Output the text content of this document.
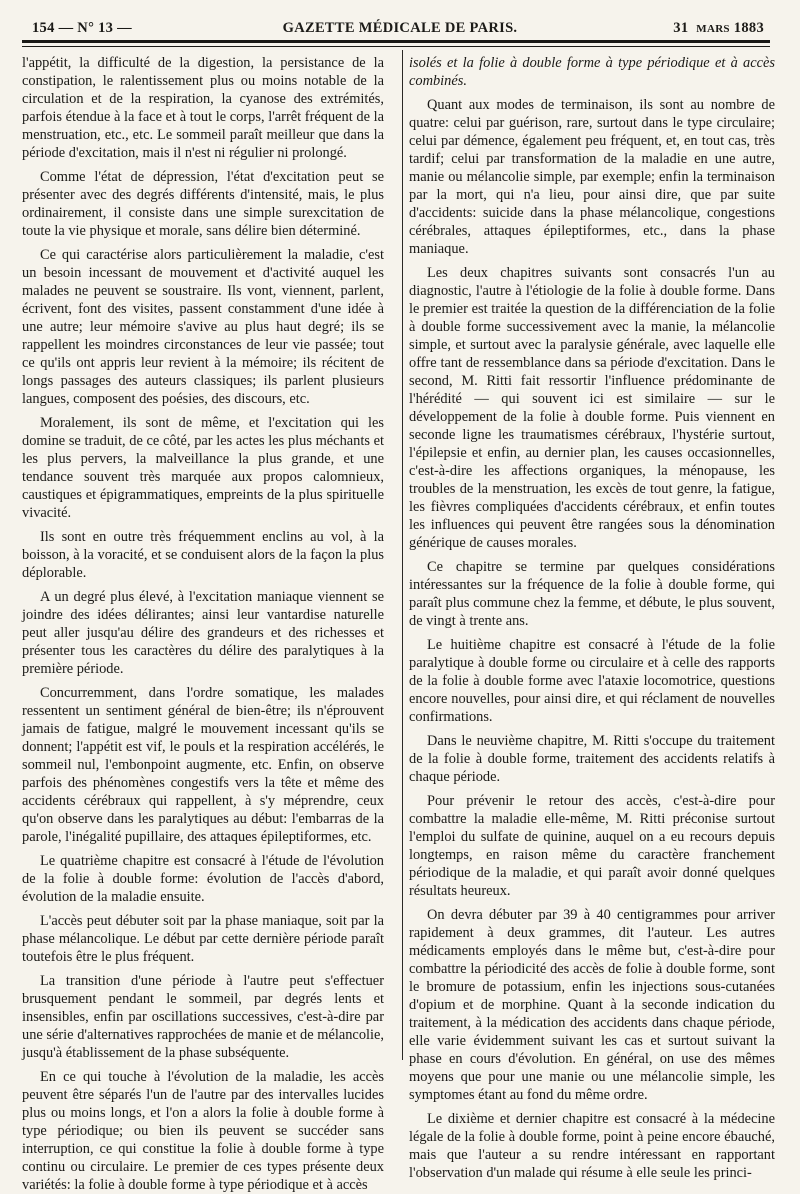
154 — N° 13 —	GAZETTE MÉDICALE DE PARIS.	31 MARS 1883

l'appétit, la difficulté de la digestion, la persistance de la constipation, le ralentissement plus ou moins notable de la circulation et de la respiration, la cyanose des extrémités, parfois étendue à la face et à tout le corps, l'arrêt fréquent de la menstruation, etc., etc. Le sommeil paraît meilleur que dans la période d'excitation, mais il n'est ni régulier ni prolongé.

Comme l'état de dépression, l'état d'excitation peut se présenter avec des degrés différents d'intensité, mais, le plus ordinairement, il consiste dans une simple surexcitation de toute la vie physique et morale, sans délire bien déterminé.

Ce qui caractérise alors particulièrement la maladie, c'est un besoin incessant de mouvement et d'activité auquel les malades ne peuvent se soustraire. Ils vont, viennent, parlent, écrivent, font des visites, passent constamment d'une idée à une autre; leur mémoire s'avive au plus haut degré; ils se rappellent les moindres circonstances de leur vie passée; tout ce qu'ils ont appris leur revient à la mémoire; ils récitent de longs passages des auteurs classiques; ils parlent plusieurs langues, composent des poésies, des discours, etc.

Moralement, ils sont de même, et l'excitation qui les domine se traduit, de ce côté, par les actes les plus méchants et les plus pervers, la malveillance la plus grande, et une tendance souvent très marquée aux propos calomnieux, caustiques et épigrammatiques, empreints de la plus spirituelle vivacité.

Ils sont en outre très fréquemment enclins au vol, à la boisson, à la voracité, et se conduisent alors de la façon la plus déplorable.

A un degré plus élevé, à l'excitation maniaque viennent se joindre des idées délirantes; ainsi leur vantardise naturelle peut aller jusqu'au délire des grandeurs et des richesses et présenter tous les caractères du délire des paralytiques à la première période.

Concurremment, dans l'ordre somatique, les malades ressentent un sentiment général de bien-être; ils n'éprouvent jamais de fatigue, malgré le mouvement incessant qu'ils se donnent; l'appétit est vif, le pouls et la respiration accélérés, le sommeil nul, l'embonpoint augmente, etc. Enfin, on observe parfois des phénomènes congestifs vers la tête et même des accidents cérébraux qui rappellent, à s'y méprendre, ceux qu'on observe dans les paralytiques au début: l'embarras de la parole, l'inégalité pupillaire, des attaques épileptiformes, etc.

Le quatrième chapitre est consacré à l'étude de l'évolution de la folie à double forme: évolution de l'accès d'abord, évolution de la maladie ensuite.

L'accès peut débuter soit par la phase maniaque, soit par la phase mélancolique. Le début par cette dernière période paraît toutefois être le plus fréquent.

La transition d'une période à l'autre peut s'effectuer brusquement pendant le sommeil, par degrés lents et insensibles, enfin par oscillations successives, c'est-à-dire par une série d'alternatives rapprochées de manie et de mélancolie, jusqu'à établissement de la phase subséquente.

En ce qui touche à l'évolution de la maladie, les accès peuvent être séparés l'un de l'autre par des intervalles lucides plus ou moins longs, et l'on a alors la folie à double forme à type périodique; ou bien ils peuvent se succéder sans interruption, ce qui constitue la folie à double forme à type continu ou circulaire. Le premier de ces types présente deux variétés: la folie à double forme à type périodique et à accès

isolés et la folie à double forme à type périodique et à accès combinés.

Quant aux modes de terminaison, ils sont au nombre de quatre: celui par guérison, rare, surtout dans le type circulaire; celui par démence, également peu fréquent, et, en tout cas, très tardif; celui par transformation de la maladie en une autre, manie ou mélancolie simple, par exemple; enfin la terminaison par la mort, qui n'a lieu, pour ainsi dire, que par suite d'accidents: suicide dans la phase mélancolique, congestions cérébrales, attaques épileptiformes, etc., dans la phase maniaque.

Les deux chapitres suivants sont consacrés l'un au diagnostic, l'autre à l'étiologie de la folie à double forme. Dans le premier est traitée la question de la différenciation de la folie à double forme successivement avec la manie, la mélancolie simple, et surtout avec la paralysie générale, avec laquelle elle offre tant de ressemblance dans sa période d'excitation. Dans le second, M. Ritti fait ressortir l'influence prédominante de l'hérédité — qui souvent ici est similaire — sur le développement de la folie à double forme. Puis viennent en seconde ligne les traumatismes cérébraux, l'hystérie surtout, l'épilepsie et enfin, au dernier plan, les causes occasionnelles, c'est-à-dire les affections organiques, la ménopause, les troubles de la menstruation, les excès de tout genre, la fatigue, les fièvres compliquées d'accidents cérébraux, et enfin toutes les influences qui peuvent être rangées sous la dénomination générique de causes morales.

Ce chapitre se termine par quelques considérations intéressantes sur la fréquence de la folie à double forme, qui paraît plus commune chez la femme, et débute, le plus souvent, de vingt à trente ans.

Le huitième chapitre est consacré à l'étude de la folie paralytique à double forme ou circulaire et à celle des rapports de la folie à double forme avec l'ataxie locomotrice, questions encore nouvelles, pour ainsi dire, et qui réclament de nouvelles confirmations.

Dans le neuvième chapitre, M. Ritti s'occupe du traitement de la folie à double forme, traitement des accidents relatifs à chaque période.

Pour prévenir le retour des accès, c'est-à-dire pour combattre la maladie elle-même, M. Ritti préconise surtout l'emploi du sulfate de quinine, auquel on a eu recours depuis longtemps, en raison même du caractère franchement périodique de la maladie, et qui paraît avoir donné quelques résultats heureux.

On devra débuter par 39 à 40 centigrammes pour arriver rapidement à deux grammes, dit l'auteur. Les autres médicaments employés dans le même but, c'est-à-dire pour combattre la périodicité des accès de folie à double forme, sont le bromure de potassium, enfin les injections sous-cutanées d'opium et de morphine. Quant à la seconde indication du traitement, à la médication des accidents dans chaque période, elle varie évidemment suivant les cas et surtout suivant la phase en cours d'évolution. En général, on use des mêmes moyens que pour une manie ou une mélancolie simple, les symptomes étant au fond du même ordre.

Le dixième et dernier chapitre est consacré à la médecine légale de la folie à double forme, point à peine encore ébauché, mais que l'auteur a su rendre intéressant en rapportant l'observation d'un malade qui résume à elle seule les princi-
